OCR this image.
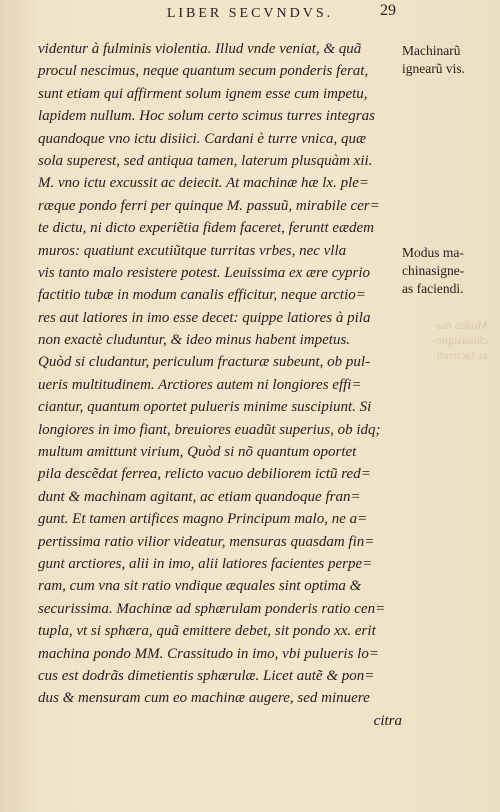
LIBER SECVNDVS.	29
videntur à fulminis violentia. Illud vnde veniat, & quã
procul nescimus, neque quantum secum ponderis ferat,
sunt etiam qui affirment solum ignem esse cum impetu,
lapidem nullum. Hoc solum certo scimus turres integras
quandoque vno ictu disiici. Cardani è turre vnica, quæ
sola superest, sed antiqua tamen, laterum plusquàm xii.
M. vno ictu excussit ac deiecit. At machinæ hæ lx. ple=
ræque pondo ferri per quinque M. passuũ, mirabile cer=
te dictu, ni dicto experiẽtia fidem faceret, feruntt eædem
muros: quatiunt excutiũtque turritas vrbes, nec vlla
vis tanto malo resistere potest. Leuissima ex ære cyprio
factitio tubæ in modum canalis efficitur, neque arctio=
res aut latiores in imo esse decet: quippe latiores à pila
non exactè cluduntur, & ideo minus habent impetus.
Quòd si cludantur, periculum fracturæ subeunt, ob pul-
ueris multitudinem. Arctiores autem ni longiores effi=
ciantur, quantum oportet pulueris minime suscipiunt. Si
longiores in imo fiant, breuiores euadũt superius, ob idq;
multum amittunt virium, Quòd si nõ quantum oportet
pila descẽdat ferrea, relicto vacuo debiliorem ictũ red=
dunt & machinam agitant, ac etiam quandoque fran=
gunt. Et tamen artifices magno Principum malo, ne a=
pertissima ratio vilior videatur, mensuras quasdam fin=
gunt arctiores, alii in imo, alii latiores facientes perpe=
ram, cum vna sit ratio vndique æquales sint optima &
securissima. Machinæ ad sphærulam ponderis ratio cen=
tupla, vt si sphæra, quã emittere debet, sit pondo xx. erit
machina pondo MM. Crassitudo in imo, vbi pulueris lo=
cus est dodrãs dimetientis sphærulæ. Licet autẽ & pon=
dus & mensuram cum eo machinæ augere, sed minuere
citra
Machinarũ
ignearũ vis.
Modus ma-
chinasigne-
as faciendi.
Modus ma-
chinasigne-
as faciendi.
